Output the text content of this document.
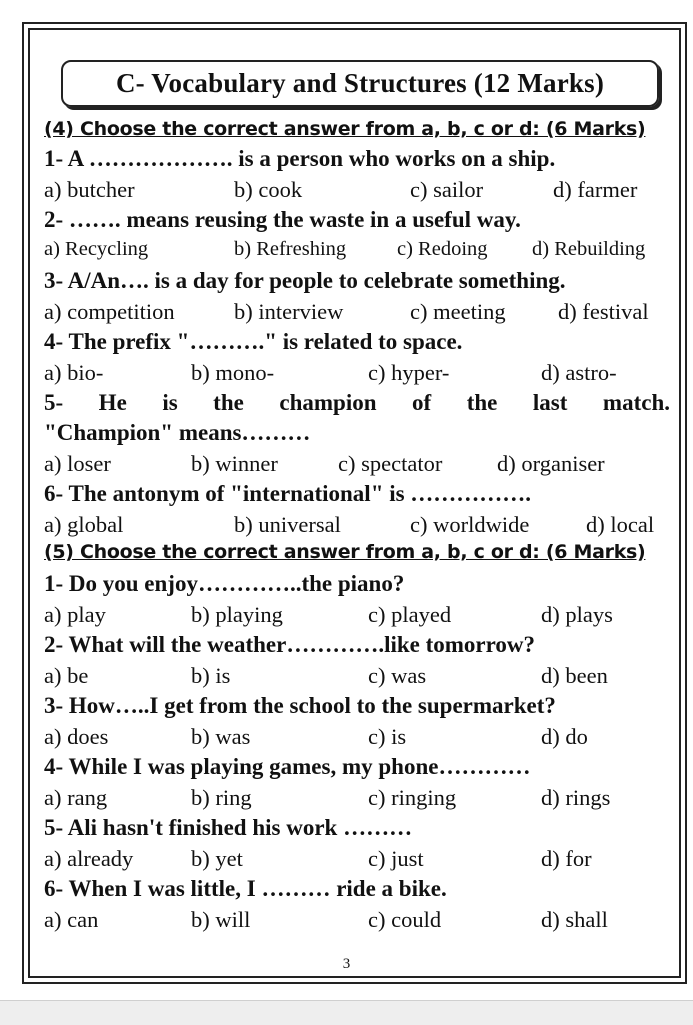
C- Vocabulary and Structures (12 Marks)
(4) Choose the correct answer from a, b, c or d: (6 Marks)
1- A ………………. is a person who works on a ship.
a) butcher	b) cook	c) sailor	d) farmer
2- ……. means reusing the waste in a useful way.
a) Recycling	b) Refreshing c) Redoing d) Rebuilding
3- A/An…. is a day for people to celebrate something.
a) competition	b) interview	c) meeting d) festival
4- The prefix "………." is related to space.
a) bio-	b) mono-	c) hyper-	d) astro-
5- He is the champion of the last match.
"Champion" means………
a) loser	b) winner	c) spectator d) organiser
6- The antonym of "international" is …………….
a) global	b) universal	c) worldwide	d) local
(5) Choose the correct answer from a, b, c or d: (6 Marks)
1- Do you enjoy…………..the piano?
a) play	b) playing	c) played	d) plays
2- What will the weather………….like tomorrow?
a) be	b) is	c) was	d) been
3- How…..I get from the school to the supermarket?
a) does	b) was	c) is	d) do
4- While I was playing games, my phone…………
a) rang	b) ring	c) ringing	d) rings
5- Ali hasn't finished his work ………
a) already	b) yet	c) just	d) for
6- When I was little, I ……… ride a bike.
a) can	b) will	c) could	d) shall
3
